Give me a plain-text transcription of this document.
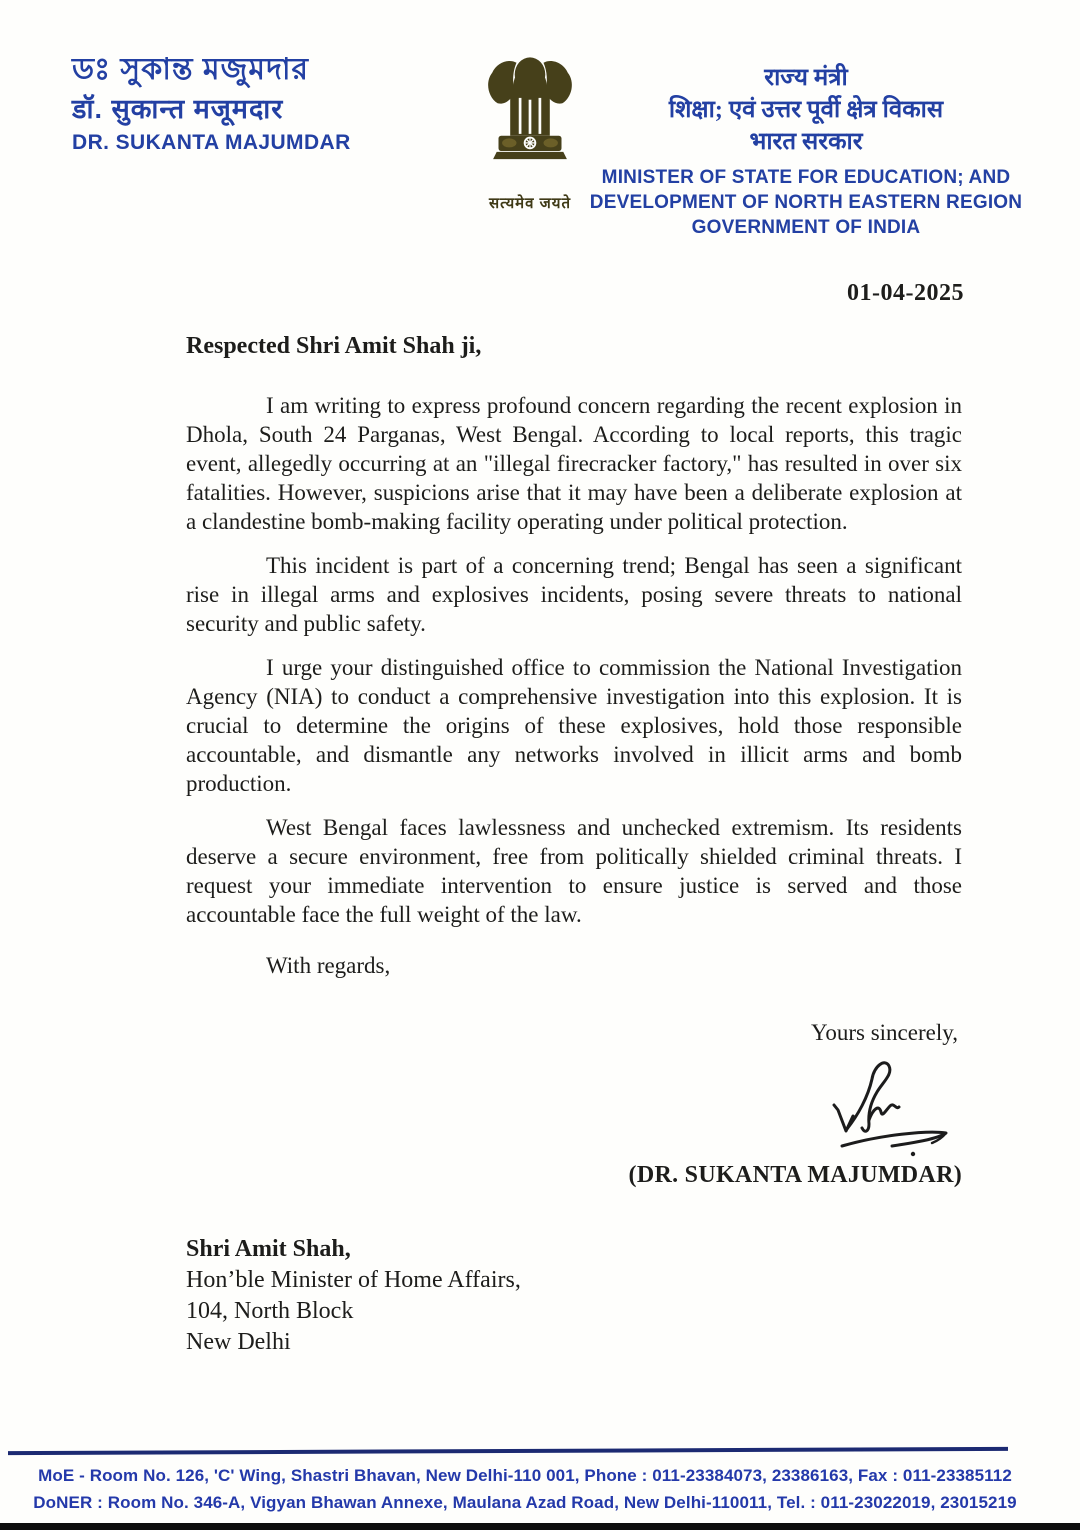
ডঃ সুকান্ত মজুমদার
डॉ. सुकान्त मजूमदार
DR. SUKANTA MAJUMDAR
सत्यमेव जयते
राज्य मंत्री
शिक्षा; एवं उत्तर पूर्वी क्षेत्र विकास
भारत सरकार
MINISTER OF STATE FOR EDUCATION; AND
DEVELOPMENT OF NORTH EASTERN REGION
GOVERNMENT OF INDIA
01-04-2025

Respected Shri Amit Shah ji,

I am writing to express profound concern regarding the recent explosion in Dhola, South 24 Parganas, West Bengal. According to local reports, this tragic event, allegedly occurring at an "illegal firecracker factory," has resulted in over six fatalities. However, suspicions arise that it may have been a deliberate explosion at a clandestine bomb-making facility operating under political protection.

This incident is part of a concerning trend; Bengal has seen a significant rise in illegal arms and explosives incidents, posing severe threats to national security and public safety.

I urge your distinguished office to commission the National Investigation Agency (NIA) to conduct a comprehensive investigation into this explosion. It is crucial to determine the origins of these explosives, hold those responsible accountable, and dismantle any networks involved in illicit arms and bomb production.

West Bengal faces lawlessness and unchecked extremism. Its residents deserve a secure environment, free from politically shielded criminal threats. I request your immediate intervention to ensure justice is served and those accountable face the full weight of the law.

With regards,

Yours sincerely,

(DR. SUKANTA MAJUMDAR)

Shri Amit Shah,
Hon’ble Minister of Home Affairs,
104, North Block
New Delhi
MoE - Room No. 126, 'C' Wing, Shastri Bhavan, New Delhi-110 001, Phone : 011-23384073, 23386163, Fax : 011-23385112
DoNER : Room No. 346-A, Vigyan Bhawan Annexe, Maulana Azad Road, New Delhi-110011, Tel. : 011-23022019, 23015219
